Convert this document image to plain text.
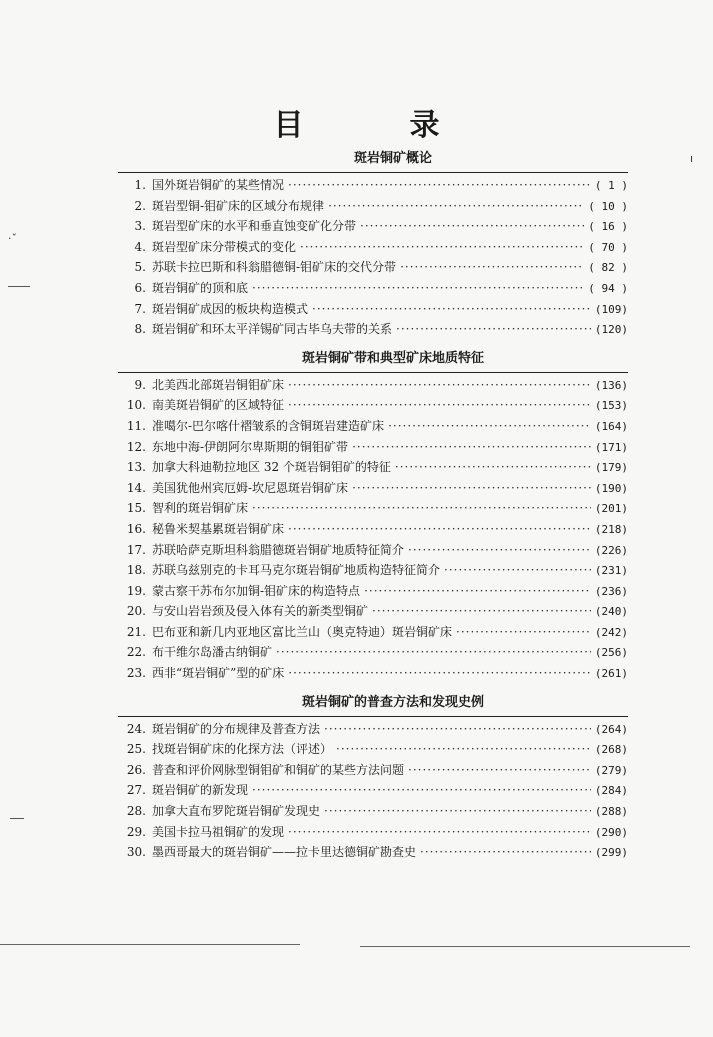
目　录
·ˇ
ı
斑岩铜矿概论
1. 国外斑岩铜矿的某些情况 ·····	( 1 )
2. 斑岩型铜-钼矿床的区域分布规律 ·····	( 10 )
3. 斑岩型矿床的水平和垂直蚀变矿化分带 ·····	( 16 )
4. 斑岩型矿床分带模式的变化 ·····	( 70 )
5. 苏联卡拉巴斯和科翁腊德铜-钼矿床的交代分带 ·····	( 82 )
6. 斑岩铜矿的顶和底 ·····	( 94 )
7. 斑岩铜矿成因的板块构造模式 ·····	(109)
8. 斑岩铜矿和环太平洋锡矿同古毕乌夫带的关系 ·····	(120)
斑岩铜矿带和典型矿床地质特征
9. 北美西北部斑岩铜钼矿床 ·····	(136)
10. 南美斑岩铜矿的区域特征 ·····	(153)
11. 准噶尔-巴尔喀什褶皱系的含铜斑岩建造矿床 ·····	(164)
12. 东地中海-伊朗阿尔卑斯期的铜钼矿带 ·····	(171)
13. 加拿大科迪勒拉地区 32 个斑岩铜钼矿的特征 ·····	(179)
14. 美国犹他州宾厄姆-坎尼恩斑岩铜矿床 ·····	(190)
15. 智利的斑岩铜矿床 ·····	(201)
16. 秘鲁米契基累斑岩铜矿床 ·····	(218)
17. 苏联哈萨克斯坦科翁腊德斑岩铜矿地质特征简介 ·····	(226)
18. 苏联乌兹别克的卡耳马克尔斑岩铜矿地质构造特征简介 ·····	(231)
19. 蒙古察干苏布尔加铜-钼矿床的构造特点 ·····	(236)
20. 与安山岩岩颈及侵入体有关的新类型铜矿 ·····	(240)
21. 巴布亚和新几内亚地区富比兰山（奥克特迪）斑岩铜矿床 ·····	(242)
22. 布干维尔岛潘古纳铜矿 ·····	(256)
23. 西非“斑岩铜矿”型的矿床 ·····	(261)
斑岩铜矿的普查方法和发现史例
24. 斑岩铜矿的分布规律及普查方法 ·····	(264)
25. 找斑岩铜矿床的化探方法（评述） ·····	(268)
26. 普查和评价网脉型铜钼矿和铜矿的某些方法问题 ·····	(279)
27. 斑岩铜矿的新发现 ·····	(284)
28. 加拿大直布罗陀斑岩铜矿发现史 ·····	(288)
29. 美国卡拉马祖铜矿的发现 ·····	(290)
30. 墨西哥最大的斑岩铜矿——拉卡里达德铜矿勘查史 ·····	(299)
